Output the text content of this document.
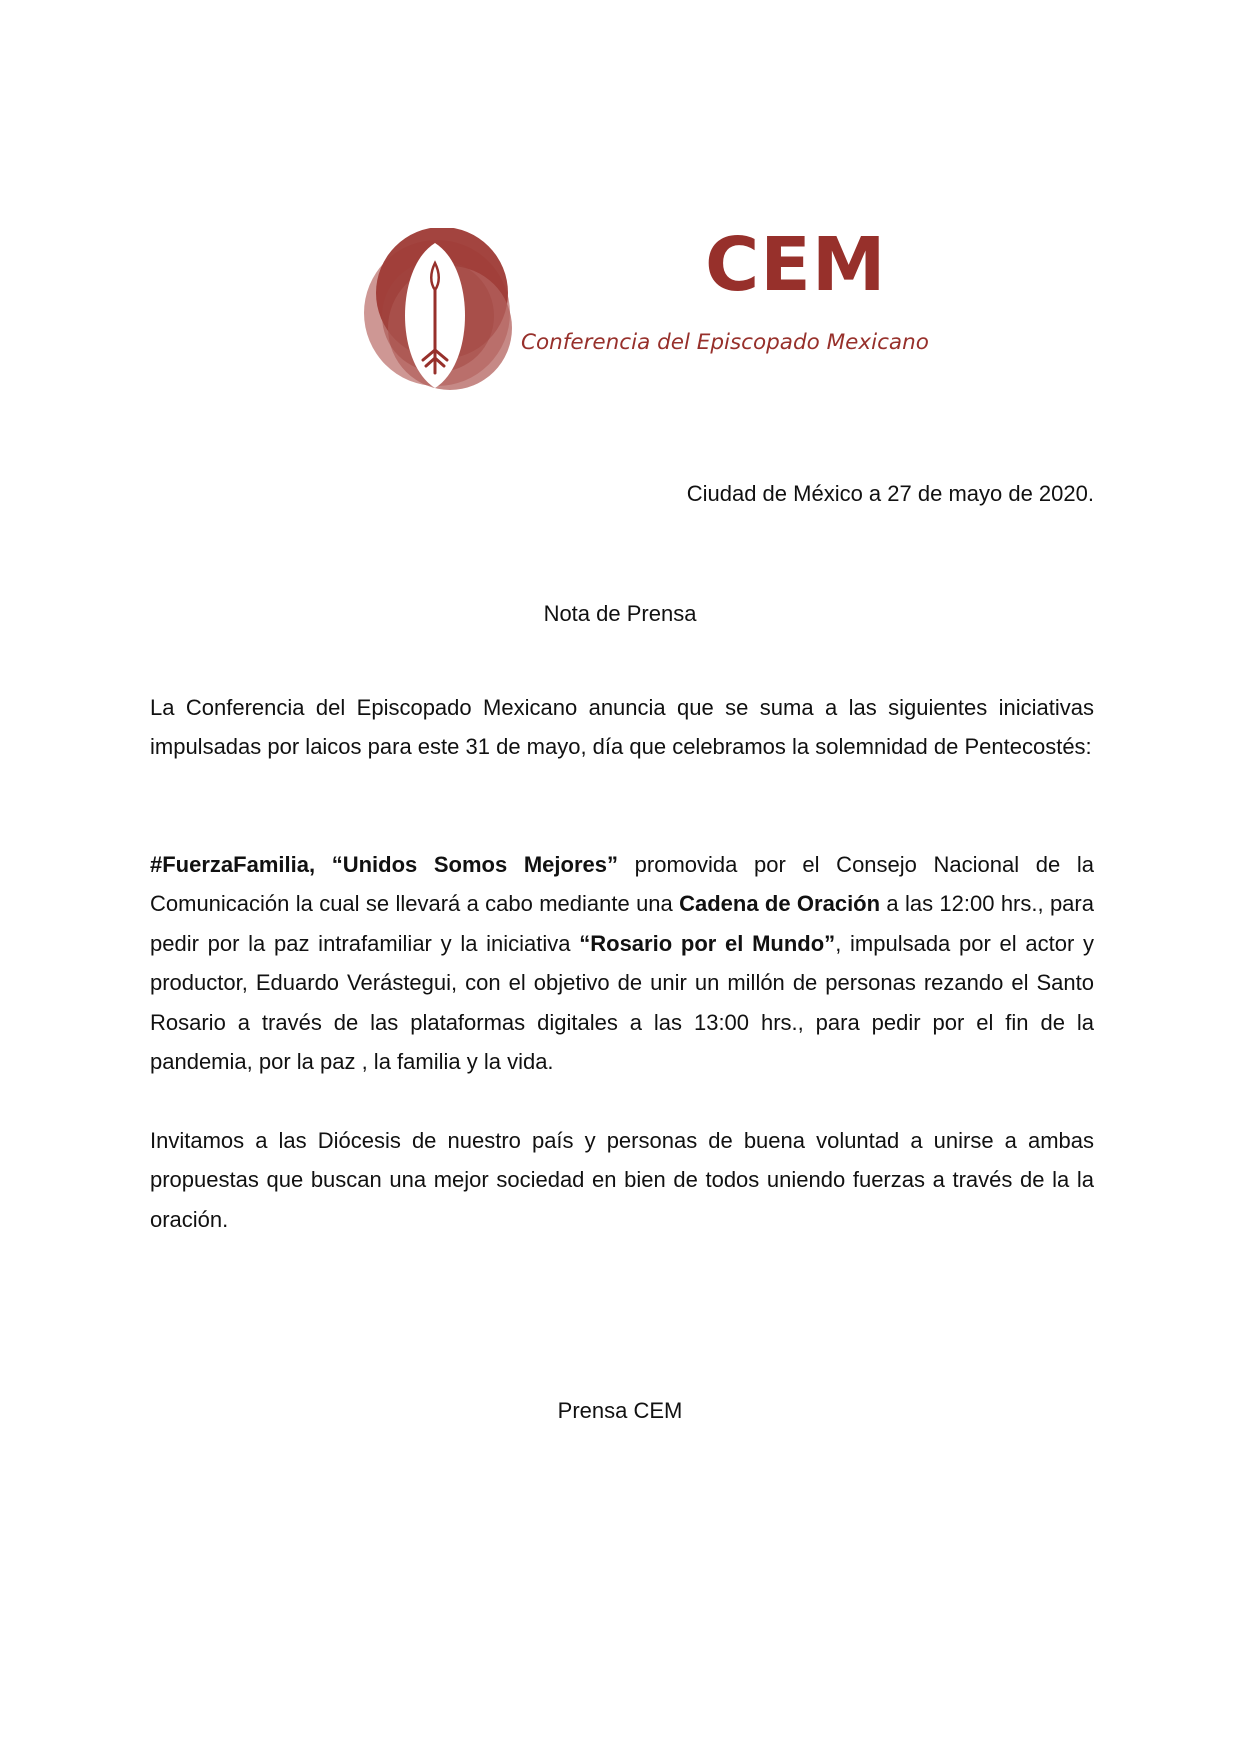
CEM
Conferencia del Episcopado Mexicano
Ciudad de México a 27 de mayo de 2020.
Nota de Prensa

La Conferencia del Episcopado Mexicano anuncia que se suma a las siguientes iniciativas impulsadas por laicos para este 31 de mayo, día que celebramos la solemnidad de Pentecostés:

#FuerzaFamilia, “Unidos Somos Mejores” promovida por el Consejo Nacional de la Comunicación la cual se llevará a cabo mediante una Cadena de Oración a las 12:00 hrs., para pedir por la paz intrafamiliar y la iniciativa “Rosario por el Mundo”, impulsada por el actor y productor, Eduardo Verástegui, con el objetivo de unir un millón de personas rezando el Santo Rosario a través de las plataformas digitales a las 13:00 hrs., para pedir por el fin de la pandemia, por la paz , la familia y la vida.

Invitamos a las Diócesis de nuestro país y personas de buena voluntad a unirse a ambas propuestas que buscan una mejor sociedad en bien de todos uniendo fuerzas a través de la la oración.

Prensa CEM
